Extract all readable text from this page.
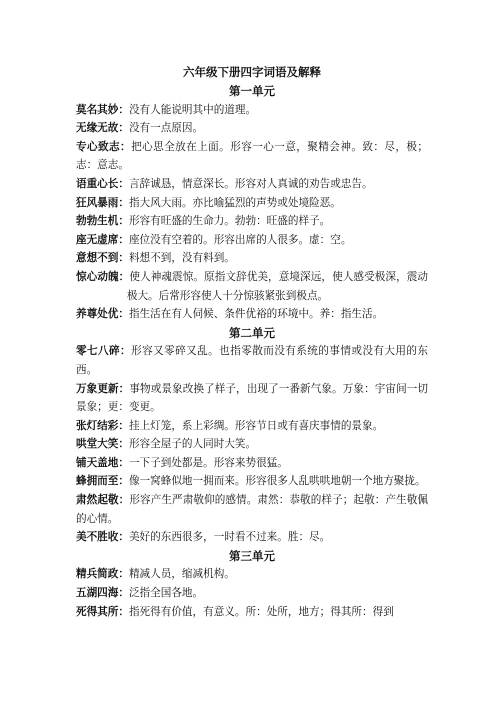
六年级下册四字词语及解释
第一单元

莫名其妙：没有人能说明其中的道理。

无缘无故：没有一点原因。

专心致志：把心思全放在上面。形容一心一意，聚精会神。致：尽，极；志：意志。

语重心长：言辞诚恳，情意深长。形容对人真诚的劝告或忠告。

狂风暴雨：指大风大雨。亦比喻猛烈的声势或处境险恶。

勃勃生机：形容有旺盛的生命力。勃勃：旺盛的样子。

座无虚席：座位没有空着的。形容出席的人很多。虚：空。

意想不到：料想不到，没有料到。

惊心动魄：使人神魂震惊。原指文辞优美，意境深远，使人感受极深，震动极大。后常形容使人十分惊骇紧张到极点。

养尊处优：指生活在有人伺候、条件优裕的环境中。养：指生活。

第二单元

零七八碎：形容又零碎又乱。也指零散而没有系统的事情或没有大用的东西。

万象更新：事物或景象改换了样子，出现了一番新气象。万象：宇宙间一切景象；更：变更。

张灯结彩：挂上灯笼，系上彩绸。形容节日或有喜庆事情的景象。

哄堂大笑：形容全屋子的人同时大笑。

铺天盖地：一下子到处都是。形容来势很猛。

蜂拥而至：像一窝蜂似地一拥而来。形容很多人乱哄哄地朝一个地方聚拢。

肃然起敬：形容产生严肃敬仰的感情。肃然：恭敬的样子；起敬：产生敬佩的心情。

美不胜收：美好的东西很多，一时看不过来。胜：尽。

第三单元

精兵简政：精减人员，缩减机构。

五湖四海：泛指全国各地。

死得其所：指死得有价值，有意义。所：处所，地方；得其所：得到
